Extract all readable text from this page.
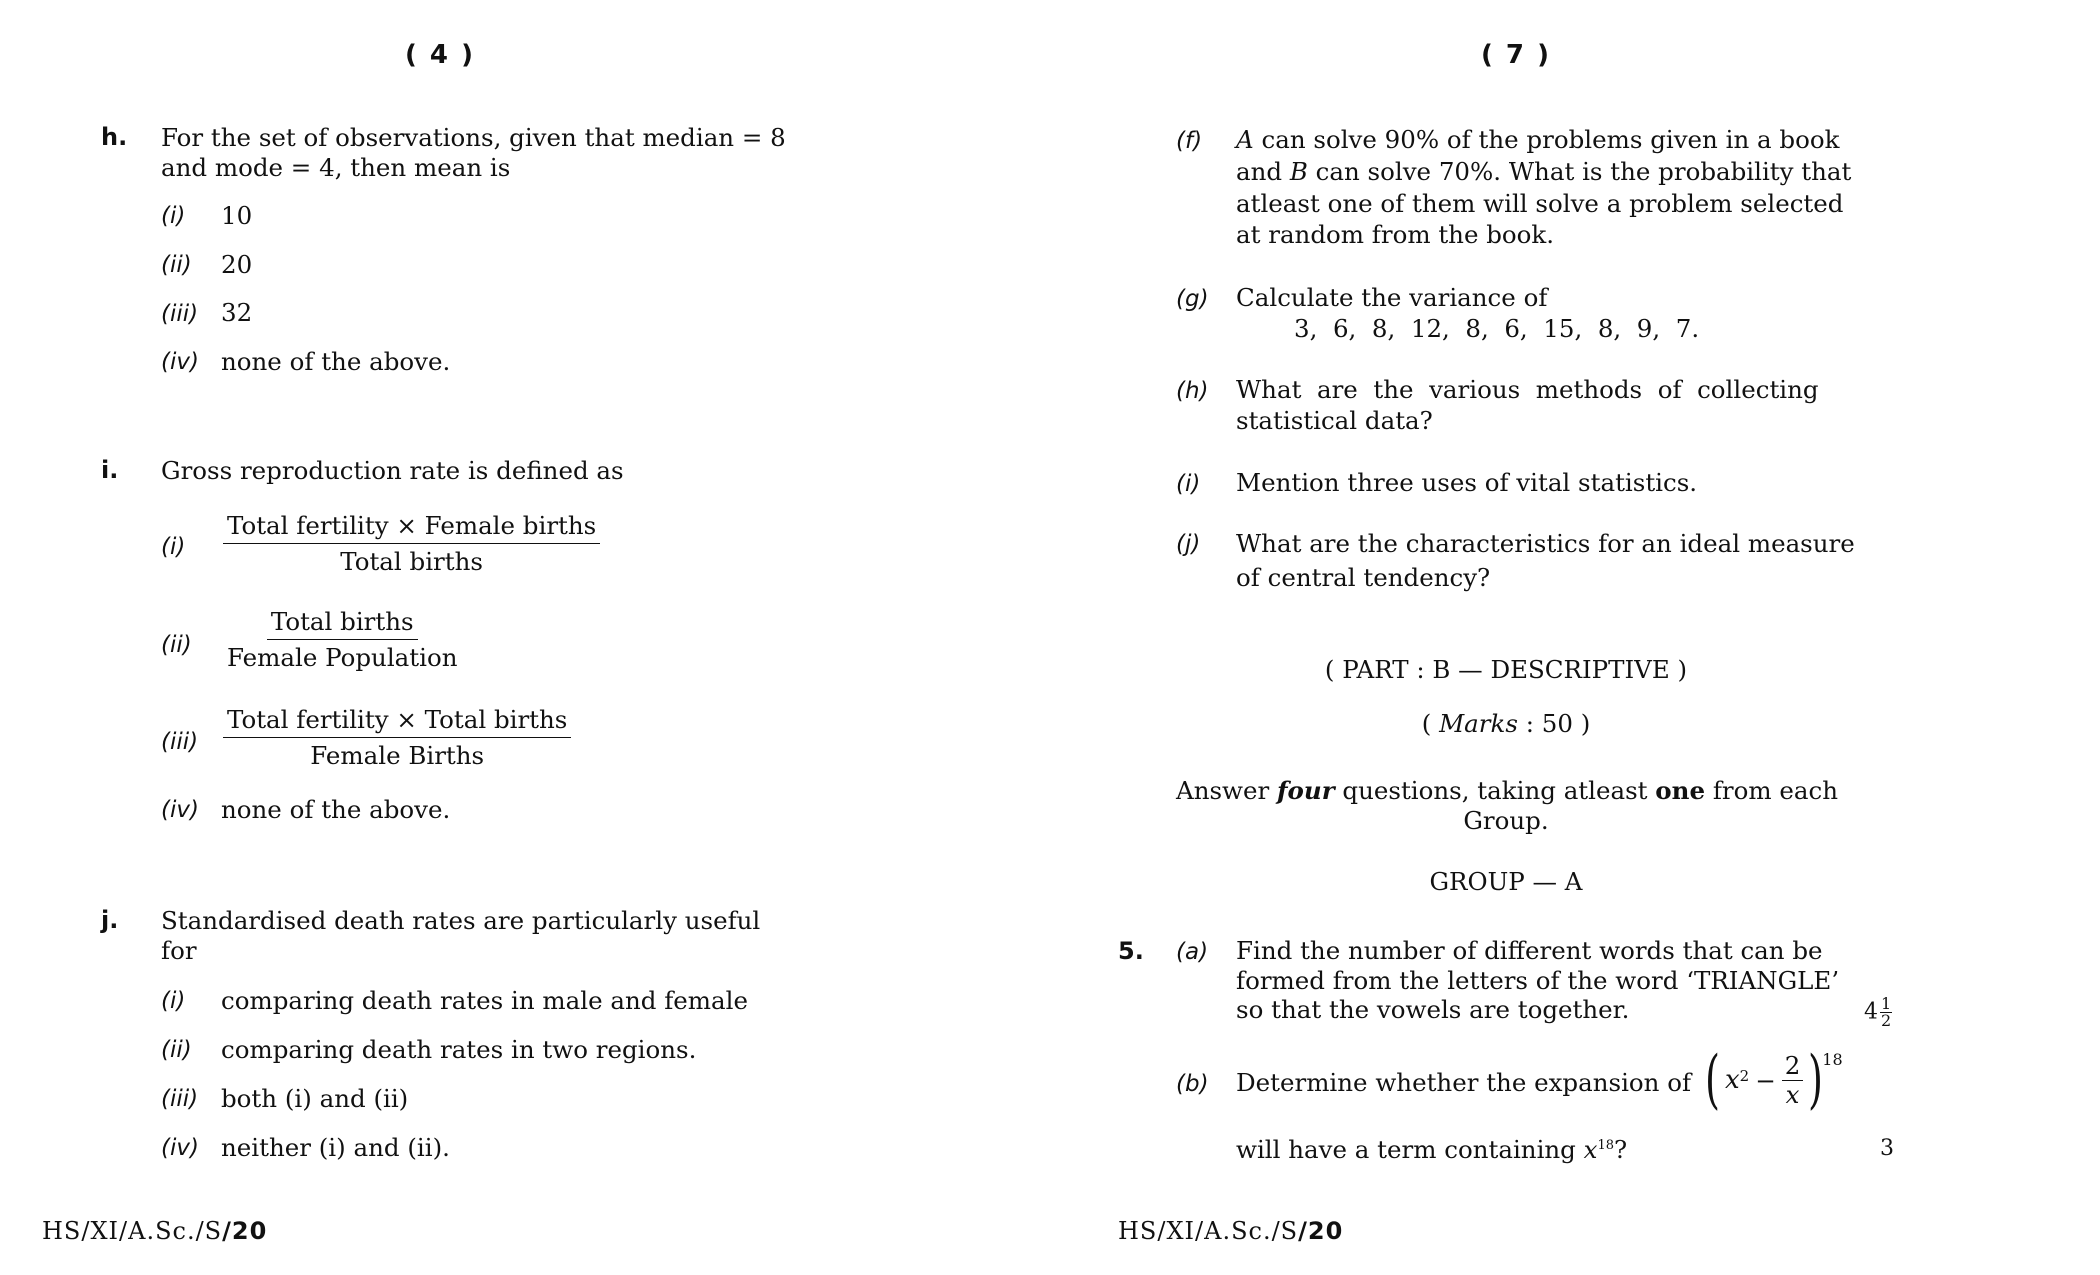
( 4 )
h. For the set of observations, given that median = 8
and mode = 4, then mean is
(i) 10
(ii) 20
(iii) 32
(iv) none of the above.
i. Gross reproduction rate is defined as
(i)
Total fertility × Female births
Total births
(ii)
Total births
Female Population
(iii)
Total fertility × Total births
Female Births
(iv) none of the above.
j. Standardised death rates are particularly useful
for
(i) comparing death rates in male and female
(ii) comparing death rates in two regions.
(iii) both (i) and (ii)
(iv) neither (i) and (ii).
HS/XI/A.Sc./S/20
( 7 )
(f) A can solve 90% of the problems given in a book
and B can solve 70%. What is the probability that
atleast one of them will solve a problem selected
at random from the book.
(g) Calculate the variance of
3,  6,  8,  12,  8,  6,  15,  8,  9,  7.
(h) What  are  the  various  methods  of  collecting
statistical data?
(i) Mention three uses of vital statistics.
(j) What are the characteristics for an ideal measure
of central tendency?
( PART : B — DESCRIPTIVE )
( Marks : 50 )
Answer four questions, taking atleast one from each
Group.
GROUP — A
5. (a) Find the number of different words that can be
formed from the letters of the word ‘TRIANGLE’
so that the vowels are together.	$4 \frac{1}{2}$
(b) Determine whether the expansion of ( $x^2 - \frac{2}{x}$ )
18
will have a term containing $x^{18}$?	3
HS/XI/A.Sc./S/20
